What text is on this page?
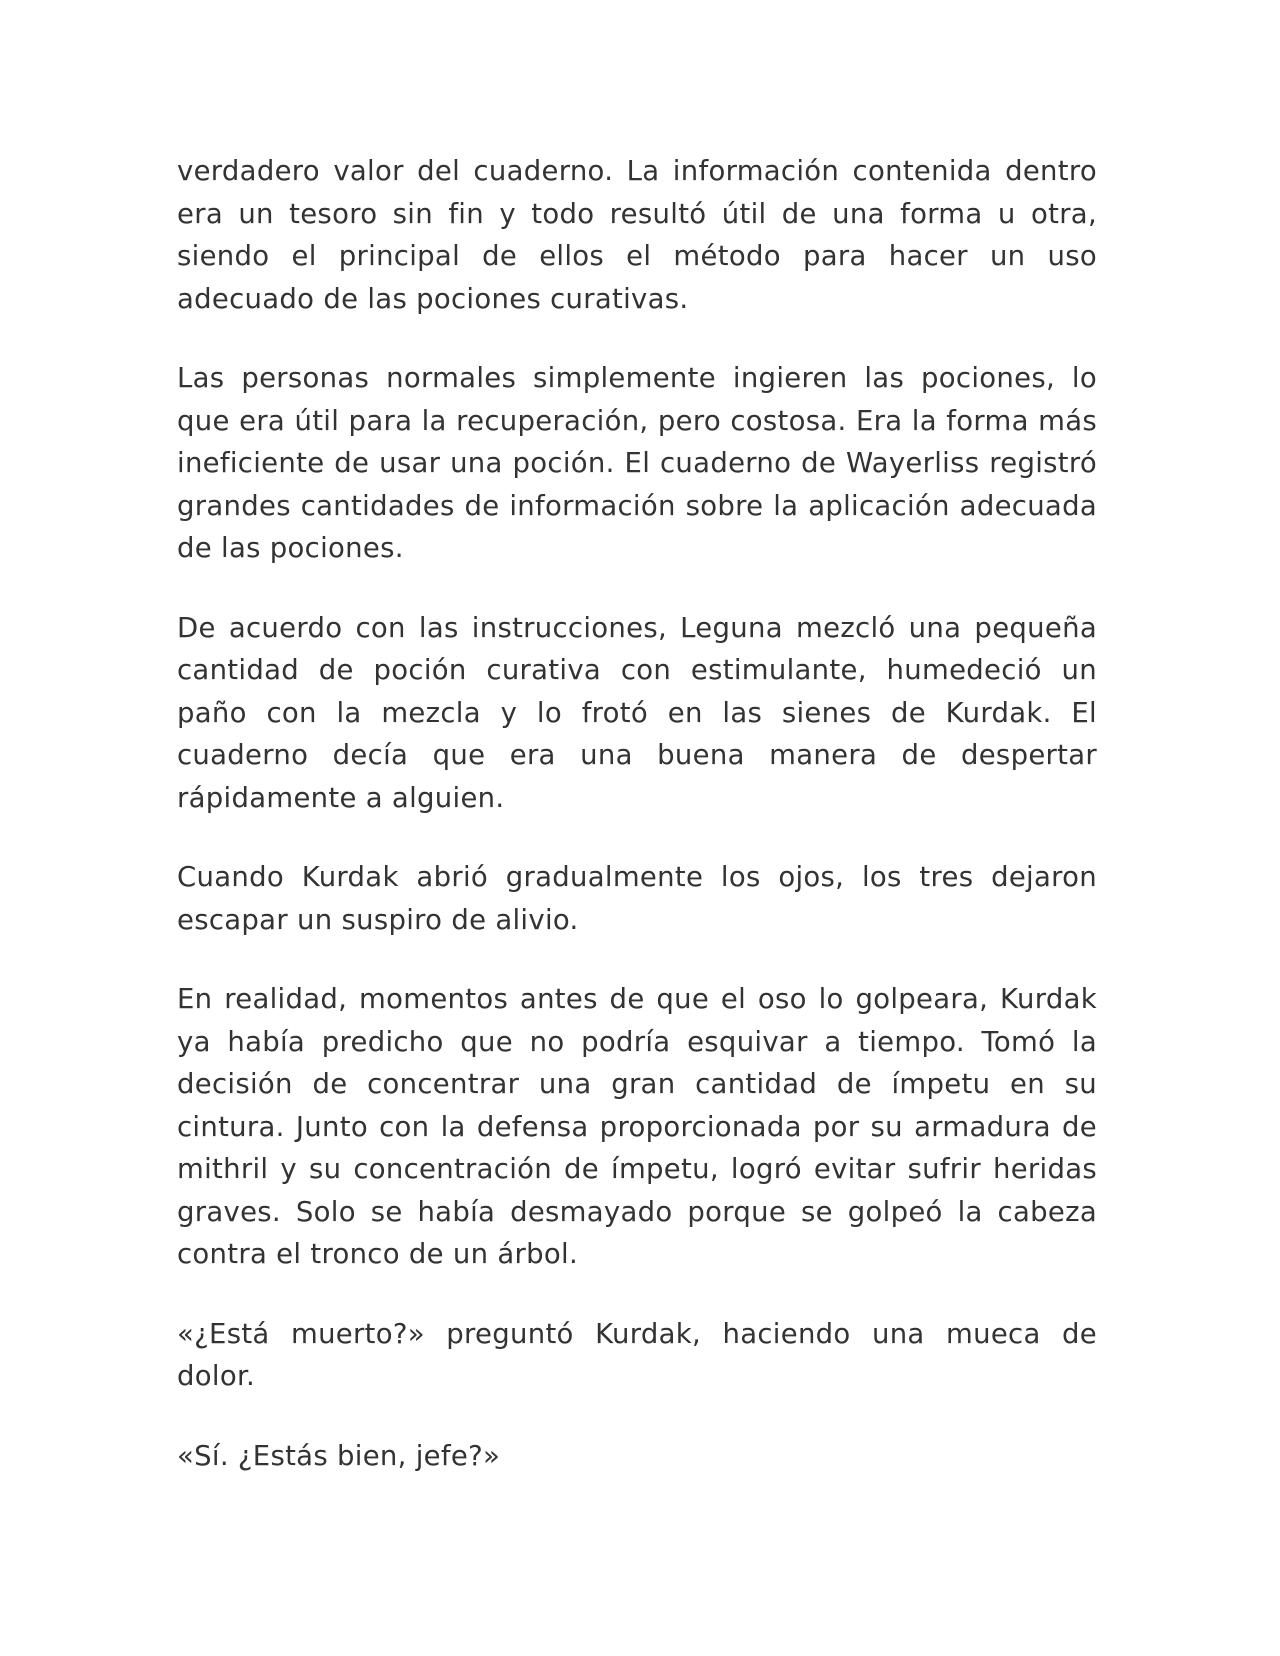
verdadero valor del cuaderno. La información contenida dentro era un tesoro sin fin y todo resultó útil de una forma u otra, siendo el principal de ellos el método para hacer un uso adecuado de las pociones curativas.

Las personas normales simplemente ingieren las pociones, lo que era útil para la recuperación, pero costosa. Era la forma más ineficiente de usar una poción. El cuaderno de Wayerliss registró grandes cantidades de información sobre la aplicación adecuada de las pociones.

De acuerdo con las instrucciones, Leguna mezcló una pequeña cantidad de poción curativa con estimulante, humedeció un paño con la mezcla y lo frotó en las sienes de Kurdak. El cuaderno decía que era una buena manera de despertar rápidamente a alguien.

Cuando Kurdak abrió gradualmente los ojos, los tres dejaron escapar un suspiro de alivio.

En realidad, momentos antes de que el oso lo golpeara, Kurdak ya había predicho que no podría esquivar a tiempo. Tomó la decisión de concentrar una gran cantidad de ímpetu en su cintura. Junto con la defensa proporcionada por su armadura de mithril y su concentración de ímpetu, logró evitar sufrir heridas graves. Solo se había desmayado porque se golpeó la cabeza contra el tronco de un árbol.

«¿Está muerto?» preguntó Kurdak, haciendo una mueca de dolor.

«Sí. ¿Estás bien, jefe?»
